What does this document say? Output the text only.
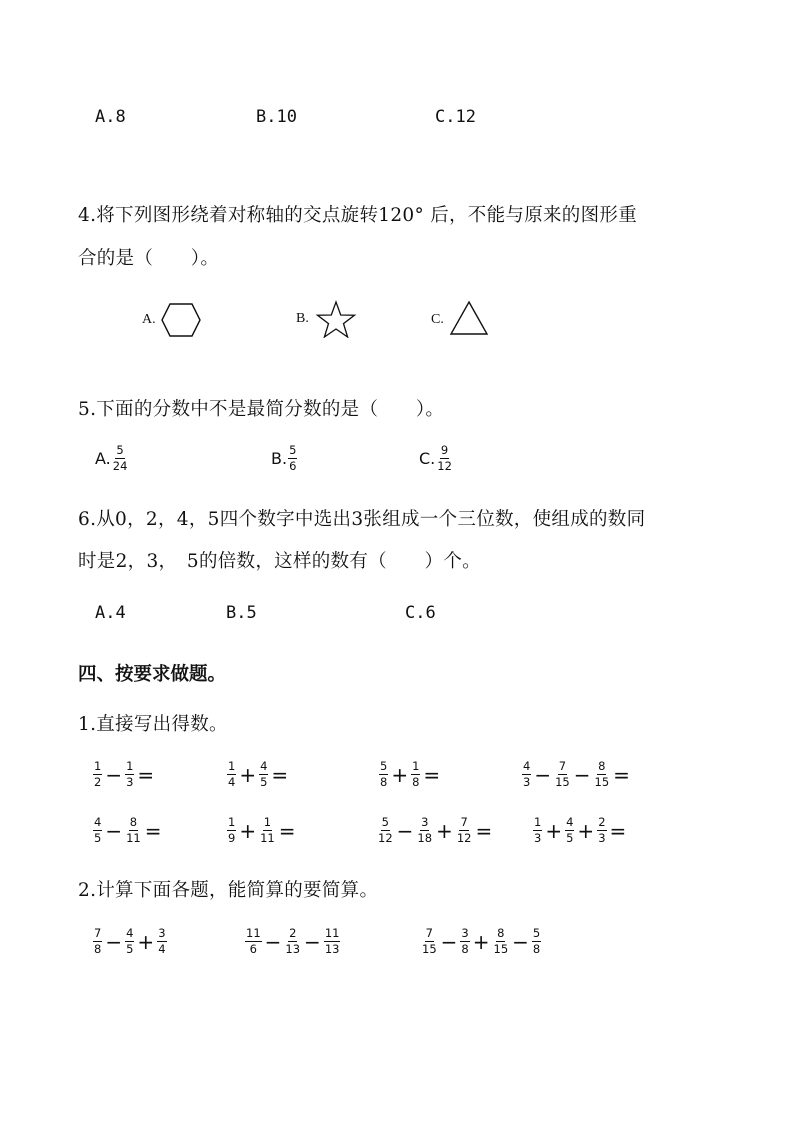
A.8	B.10	C.12
4.将下列图形绕着对称轴的交点旋转120° 后，不能与原来的图形重
合的是（　　）。
A.	B.	C.
5.下面的分数中不是最简分数的是（　　）。
A. $\frac{5}{24}$	B. $\frac{5}{6}$	C. $\frac{9}{12}$
6.从0，2，4，5四个数字中选出3张组成一个三位数，使组成的数同
时是2，3，　5的倍数，这样的数有（　　）个。
A.4	B.5	C.6
四、按要求做题。
1.直接写出得数。
$\frac{1}{2} - \frac{1}{3}$ =	$\frac{1}{4} + \frac{4}{5}$ =	$\frac{5}{8} + \frac{1}{8}$ =	$\frac{4}{3} - \frac{7}{15} - \frac{8}{15}$ =
$\frac{4}{5} - \frac{8}{11}$ =	$\frac{1}{9} + \frac{1}{11}$ =	$\frac{5}{12} - \frac{3}{18} + \frac{7}{12}$ =	$\frac{1}{3} + \frac{4}{5} + \frac{2}{3}$ =
2.计算下面各题，能简算的要简算。
$\frac{7}{8} - \frac{4}{5} + \frac{3}{4}$	$\frac{11}{6} - \frac{2}{13} - \frac{11}{13}$	$\frac{7}{15} - \frac{3}{8} + \frac{8}{15} - \frac{5}{8}$
